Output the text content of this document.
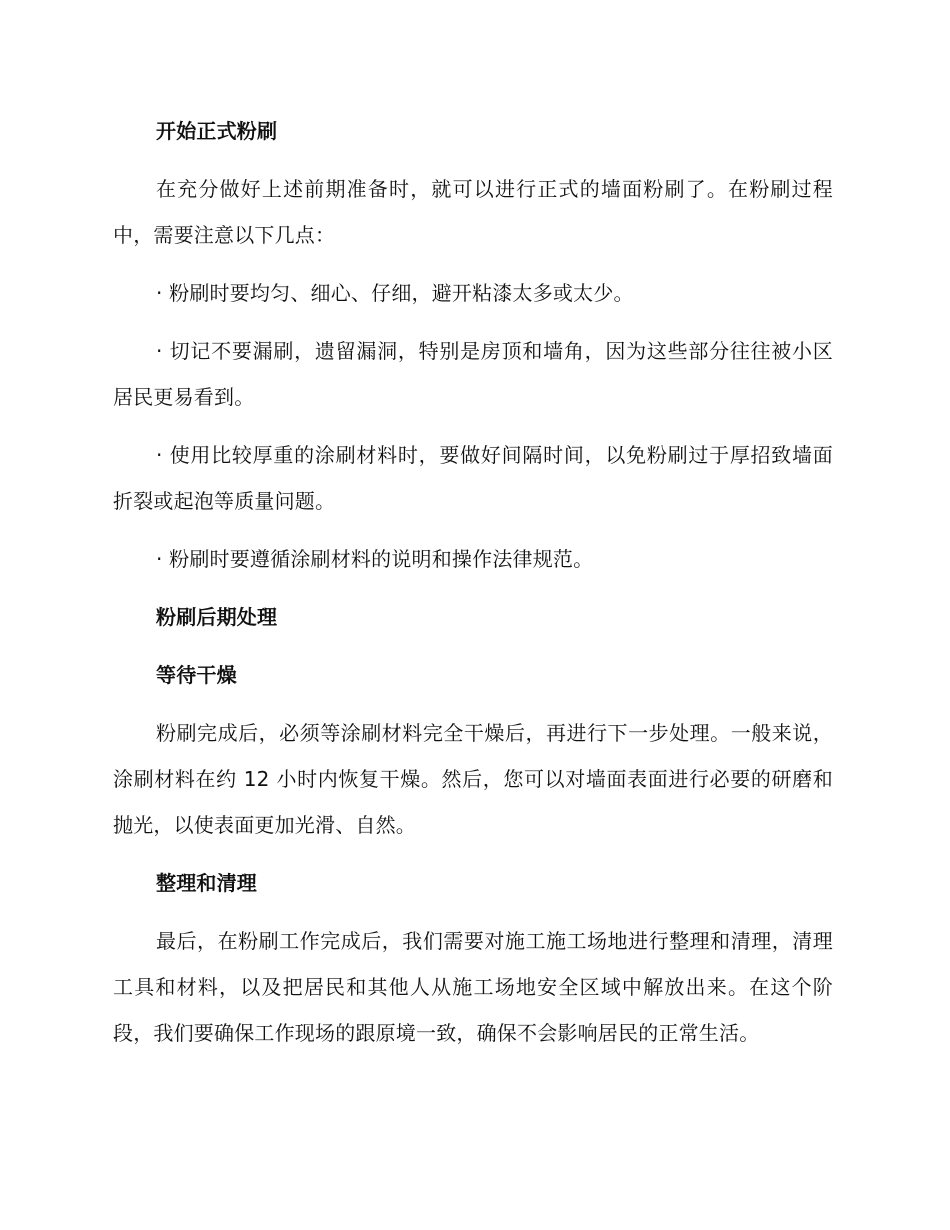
开始正式粉刷
在充分做好上述前期准备时，就可以进行正式的墙面粉刷了。在粉刷过程中，需要注意以下几点：
· 粉刷时要均匀、细心、仔细，避开粘漆太多或太少。
· 切记不要漏刷，遗留漏洞，特别是房顶和墙角，因为这些部分往往被小区居民更易看到。
· 使用比较厚重的涂刷材料时，要做好间隔时间，以免粉刷过于厚招致墙面折裂或起泡等质量问题。
· 粉刷时要遵循涂刷材料的说明和操作法律规范。
粉刷后期处理
等待干燥
粉刷完成后，必须等涂刷材料完全干燥后，再进行下一步处理。一般来说，涂刷材料在约 12 小时内恢复干燥。然后，您可以对墙面表面进行必要的研磨和抛光，以使表面更加光滑、自然。
整理和清理
最后，在粉刷工作完成后，我们需要对施工施工场地进行整理和清理，清理工具和材料，以及把居民和其他人从施工场地安全区域中解放出来。在这个阶段，我们要确保工作现场的跟原境一致，确保不会影响居民的正常生活。
